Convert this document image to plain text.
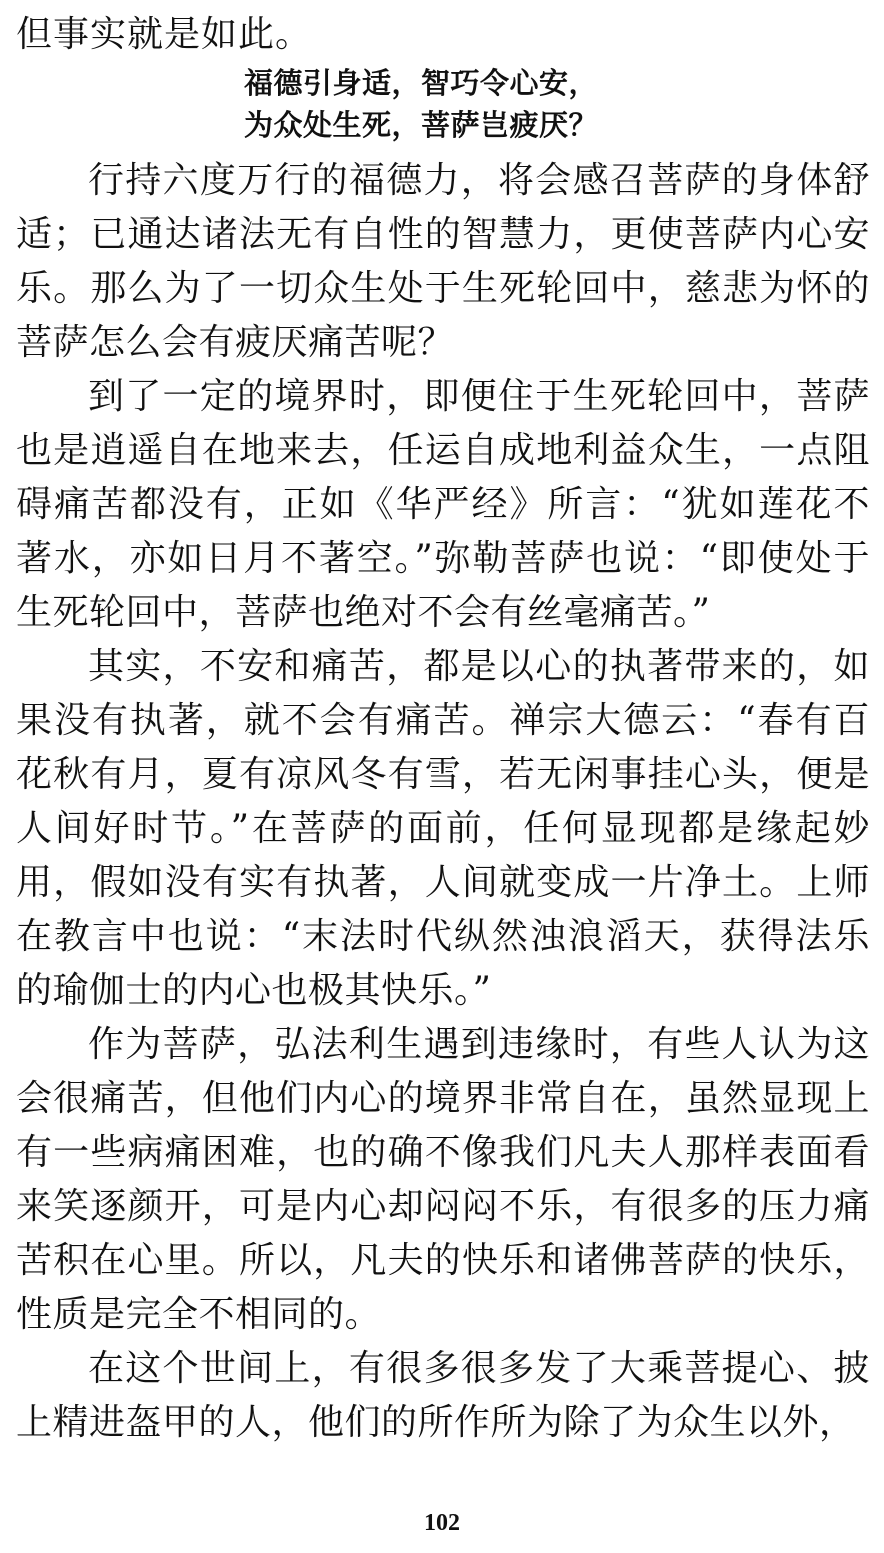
但事实就是如此。

福德引身适，智巧令心安，
为众处生死，菩萨岂疲厌？

行持六度万行的福德力，将会感召菩萨的身体舒适；已通达诸法无有自性的智慧力，更使菩萨内心安乐。那么为了一切众生处于生死轮回中，慈悲为怀的菩萨怎么会有疲厌痛苦呢？

到了一定的境界时，即便住于生死轮回中，菩萨也是逍遥自在地来去，任运自成地利益众生，一点阻碍痛苦都没有，正如《华严经》所言：“犹如莲花不著水，亦如日月不著空。”弥勒菩萨也说：“即使处于生死轮回中，菩萨也绝对不会有丝毫痛苦。”

其实，不安和痛苦，都是以心的执著带来的，如果没有执著，就不会有痛苦。禅宗大德云：“春有百花秋有月，夏有凉风冬有雪，若无闲事挂心头，便是人间好时节。”在菩萨的面前，任何显现都是缘起妙用，假如没有实有执著，人间就变成一片净土。上师在教言中也说：“末法时代纵然浊浪滔天，获得法乐的瑜伽士的内心也极其快乐。”

作为菩萨，弘法利生遇到违缘时，有些人认为这会很痛苦，但他们内心的境界非常自在，虽然显现上有一些病痛困难，也的确不像我们凡夫人那样表面看来笑逐颜开，可是内心却闷闷不乐，有很多的压力痛苦积在心里。所以，凡夫的快乐和诸佛菩萨的快乐，性质是完全不相同的。

在这个世间上，有很多很多发了大乘菩提心、披上精进盔甲的人，他们的所作所为除了为众生以外，

102
